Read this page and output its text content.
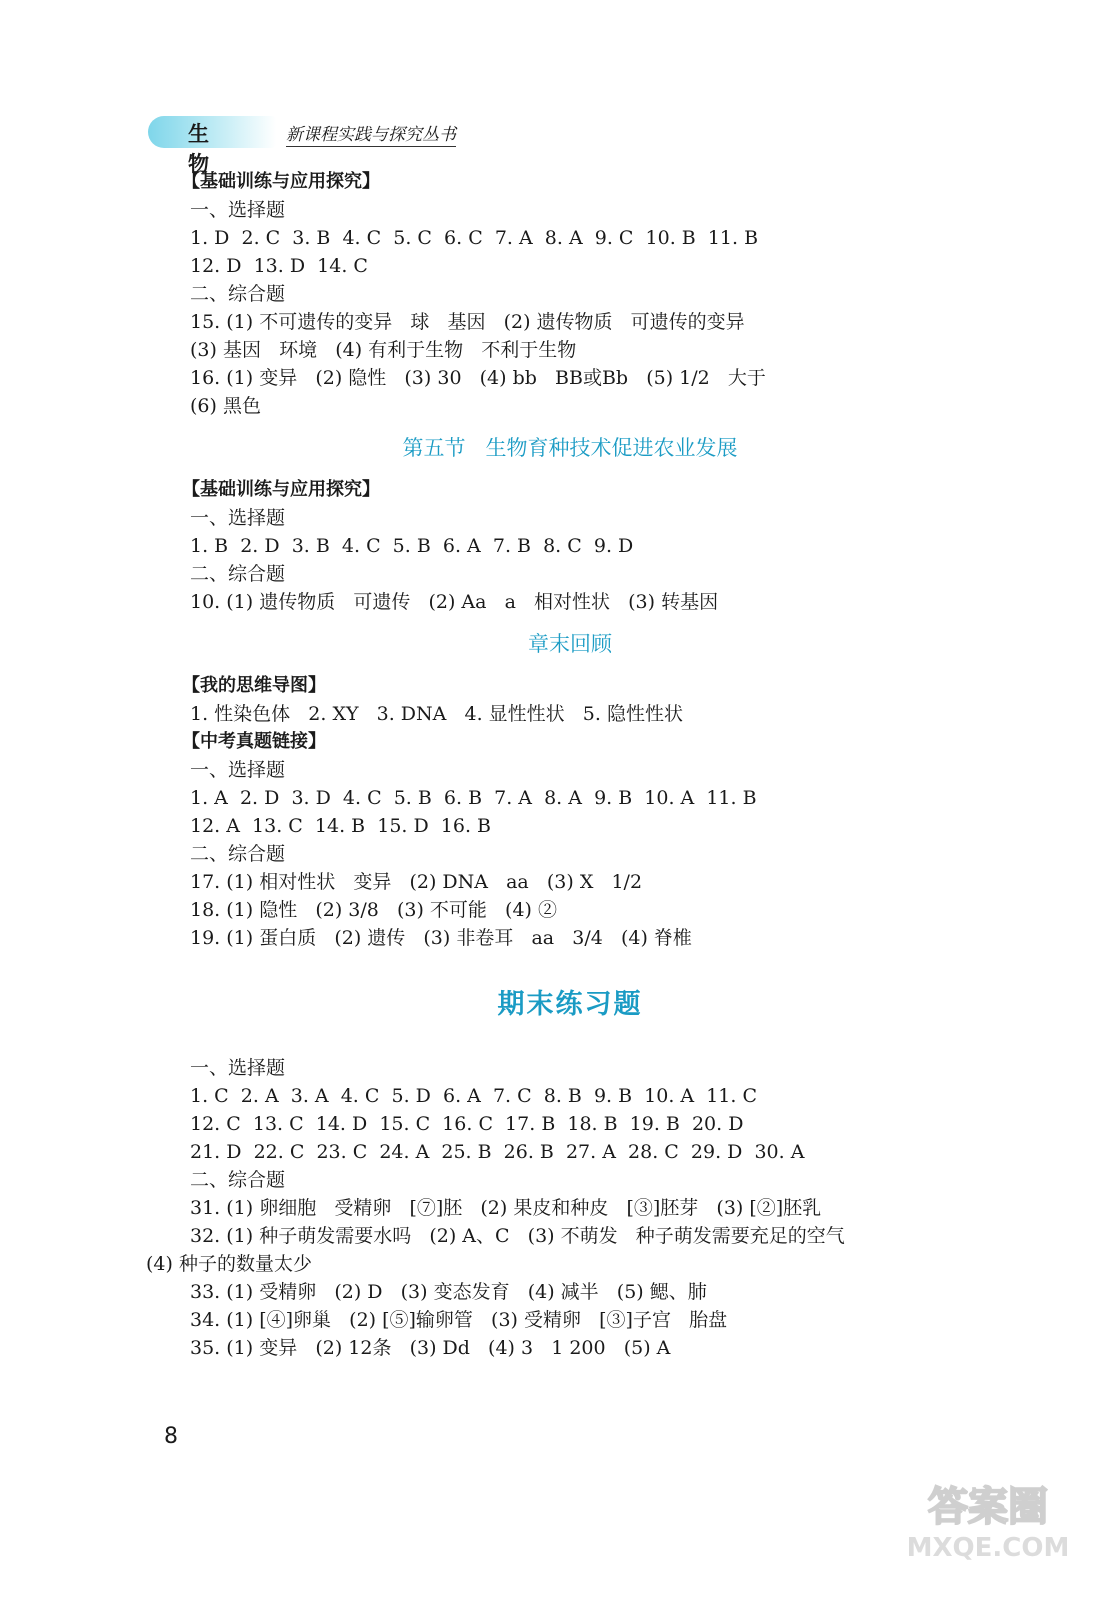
生物
新课程实践与探究丛书
【基础训练与应用探究】
一、选择题
1. D  2. C  3. B  4. C  5. C  6. C  7. A  8. A  9. C  10. B  11. B
12. D  13. D  14. C
二、综合题
15. (1) 不可遗传的变异   球   基因   (2) 遗传物质   可遗传的变异
(3) 基因   环境   (4) 有利于生物   不利于生物
16. (1) 变异   (2) 隐性   (3) 30   (4) bb   BB或Bb   (5) 1/2   大于
(6) 黑色
第五节   生物育种技术促进农业发展
【基础训练与应用探究】
一、选择题
1. B  2. D  3. B  4. C  5. B  6. A  7. B  8. C  9. D
二、综合题
10. (1) 遗传物质   可遗传   (2) Aa   a   相对性状   (3) 转基因
章末回顾
【我的思维导图】
1. 性染色体   2. XY   3. DNA   4. 显性性状   5. 隐性性状
【中考真题链接】
一、选择题
1. A  2. D  3. D  4. C  5. B  6. B  7. A  8. A  9. B  10. A  11. B
12. A  13. C  14. B  15. D  16. B
二、综合题
17. (1) 相对性状   变异   (2) DNA   aa   (3) X   1/2
18. (1) 隐性   (2) 3/8   (3) 不可能   (4) ②
19. (1) 蛋白质   (2) 遗传   (3) 非卷耳   aa   3/4   (4) 脊椎
期末练习题
一、选择题
1. C  2. A  3. A  4. C  5. D  6. A  7. C  8. B  9. B  10. A  11. C
12. C  13. C  14. D  15. C  16. C  17. B  18. B  19. B  20. D
21. D  22. C  23. C  24. A  25. B  26. B  27. A  28. C  29. D  30. A
二、综合题
31. (1) 卵细胞   受精卵   [⑦]胚   (2) 果皮和种皮   [③]胚芽   (3) [②]胚乳
32. (1) 种子萌发需要水吗   (2) A、C   (3) 不萌发   种子萌发需要充足的空气
(4) 种子的数量太少
33. (1) 受精卵   (2) D   (3) 变态发育   (4) 减半   (5) 鳃、肺
34. (1) [④]卵巢   (2) [⑤]输卵管   (3) 受精卵   [③]子宫   胎盘
35. (1) 变异   (2) 12条   (3) Dd   (4) 3   1 200   (5) A
8
答案圈
MXQE.COM
